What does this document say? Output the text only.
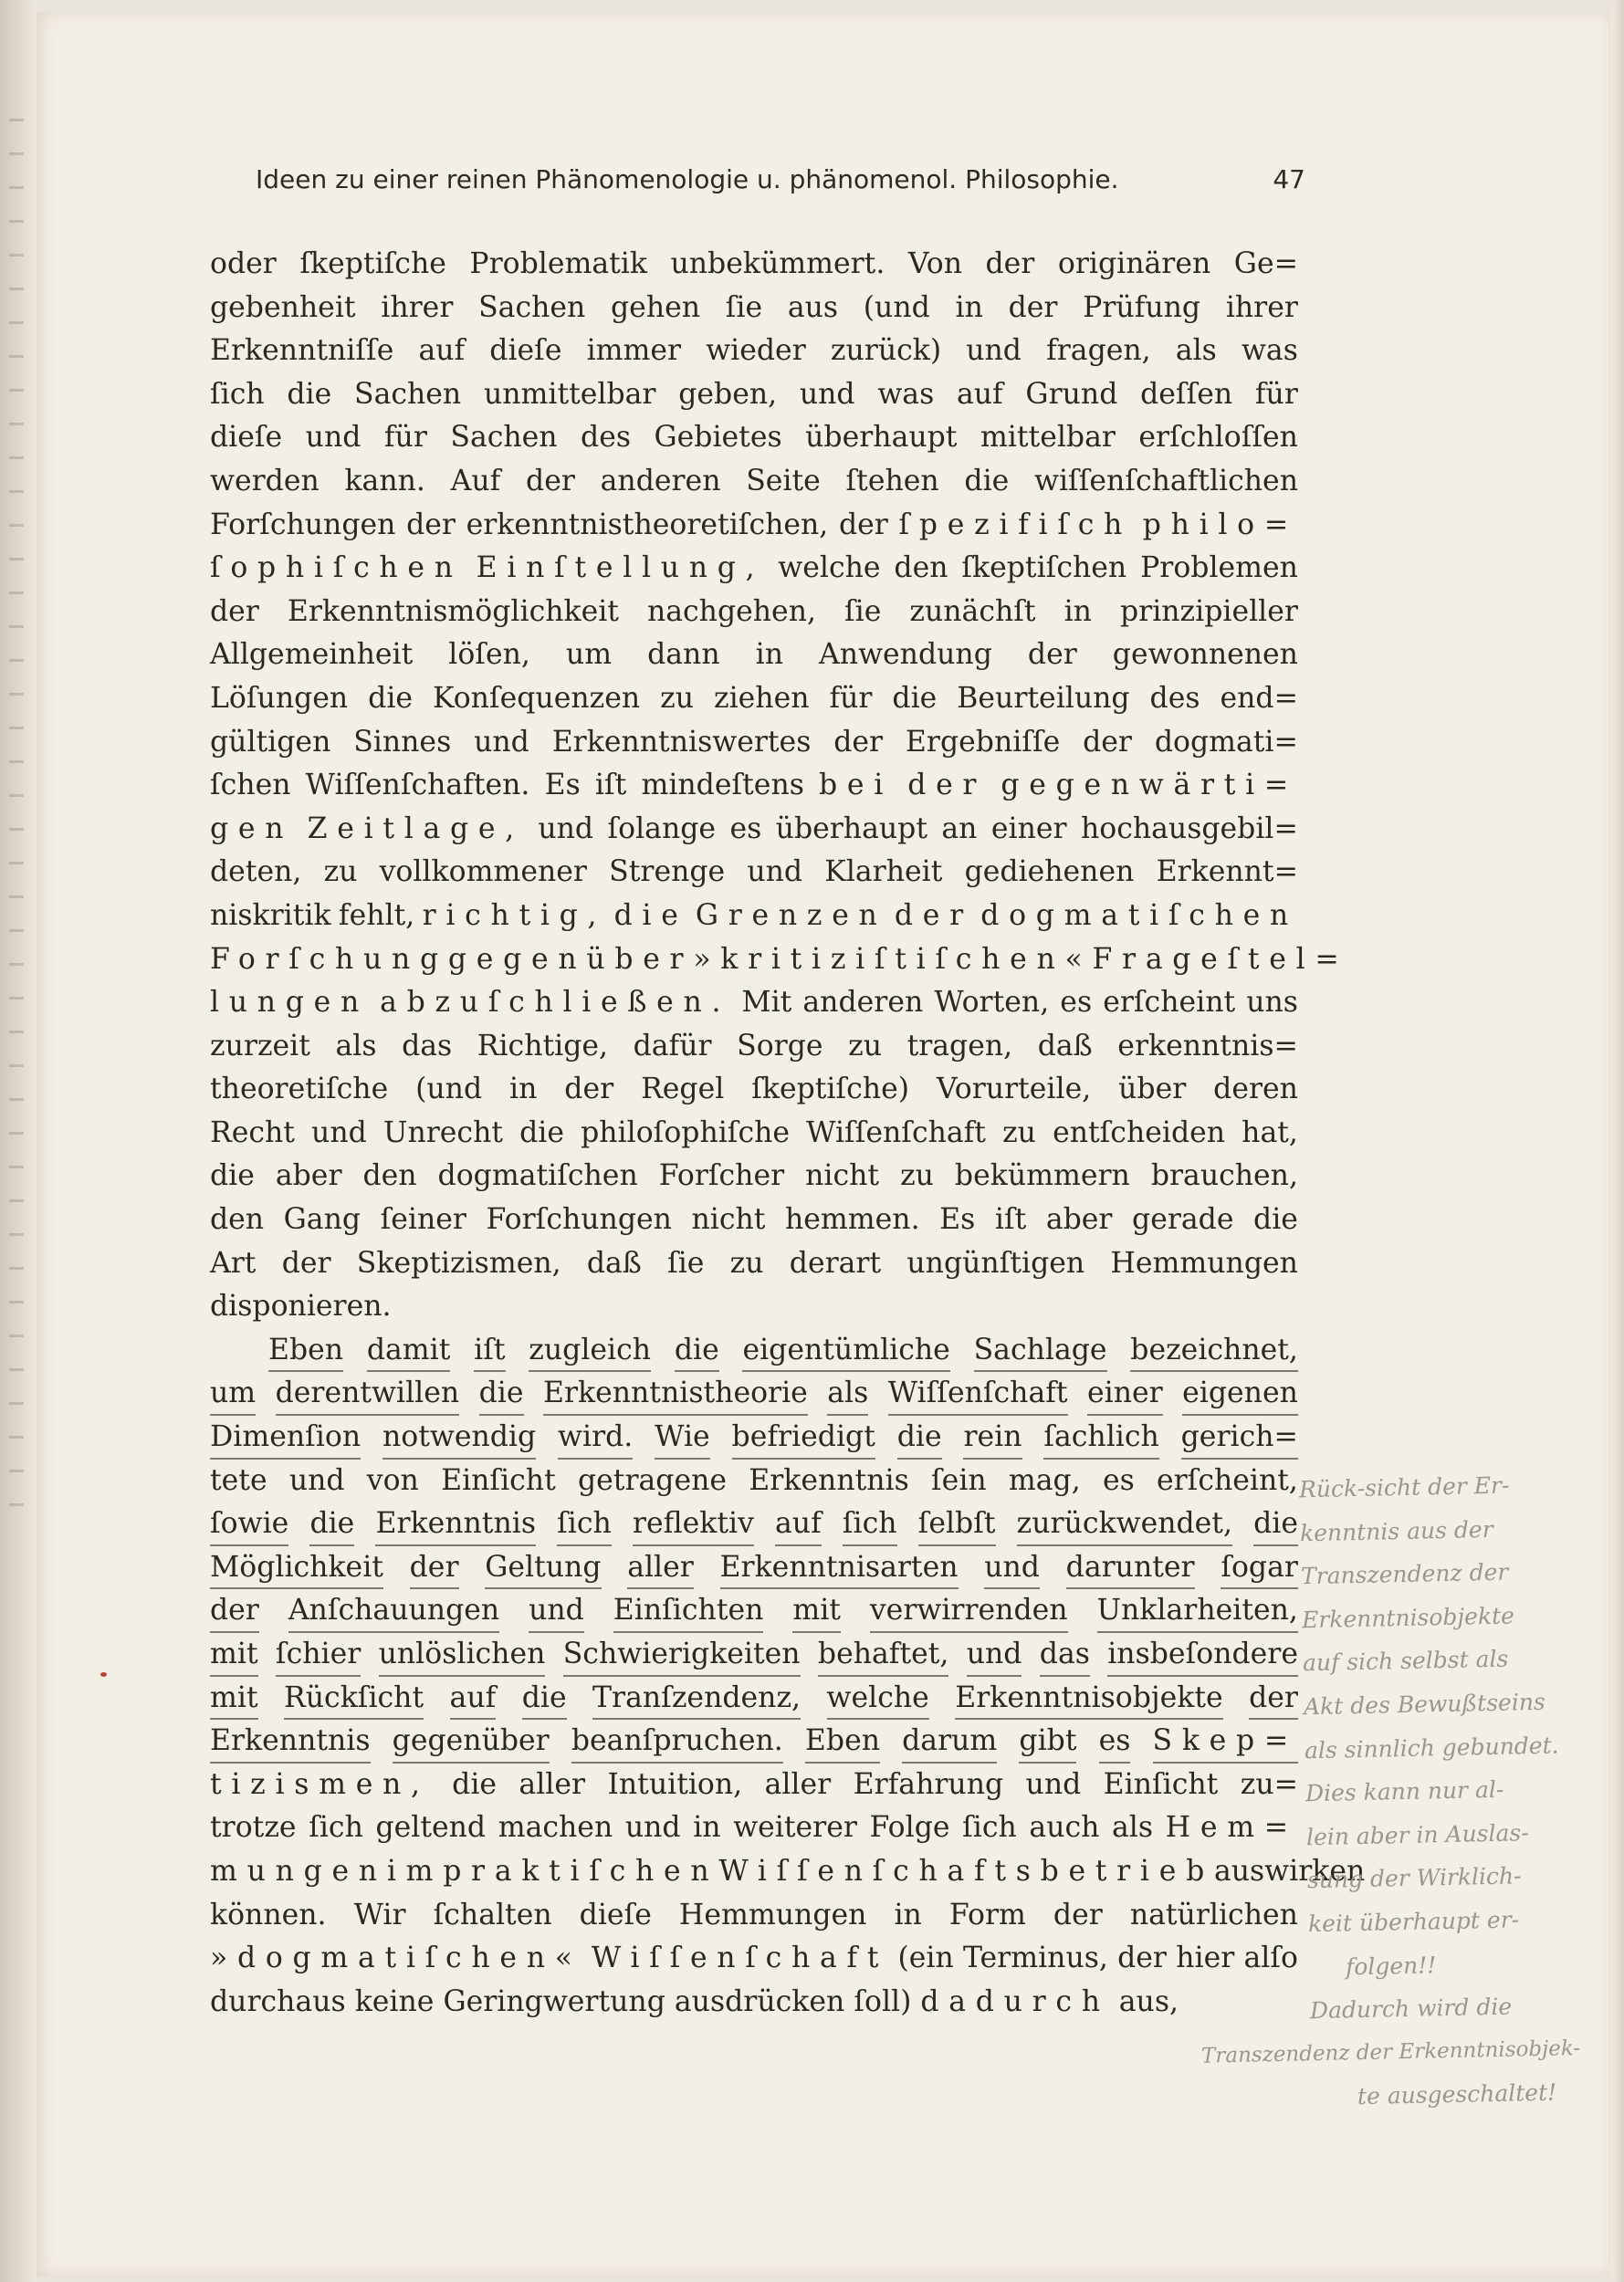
Ideen zu einer reinen Phänomenologie u. phänomenol. Philosophie.	47
oder ſkeptiſche Problematik unbekümmert. Von der originären Ge=
gebenheit ihrer Sachen gehen ſie aus (und in der Prüfung ihrer
Erkenntniſſe auf dieſe immer wieder zurück) und fragen, als was
ſich die Sachen unmittelbar geben, und was auf Grund deſſen für
dieſe und für Sachen des Gebietes überhaupt mittelbar erſchloſſen
werden kann. Auf der anderen Seite ſtehen die wiſſenſchaftlichen
Forſchungen der erkenntnistheoretiſchen, der ſpezifiſch philo=
ſophiſchen Einſtellung, welche den ſkeptiſchen Problemen
der Erkenntnismöglichkeit nachgehen, ſie zunächſt in prinzipieller
Allgemeinheit löſen, um dann in Anwendung der gewonnenen
Löſungen die Konſequenzen zu ziehen für die Beurteilung des end=
gültigen Sinnes und Erkenntniswertes der Ergebniſſe der dogmati=
ſchen Wiſſenſchaften. Es iſt mindeſtens bei der gegenwärti=
gen Zeitlage, und ſolange es überhaupt an einer hochausgebil=
deten, zu vollkommener Strenge und Klarheit gediehenen Erkennt=
niskritik fehlt, richtig, die Grenzen der dogmatiſchen
Forſchung gegenüber »kritiziſtiſchen« Frageſtel=
lungen abzuſchließen. Mit anderen Worten, es erſcheint uns
zurzeit als das Richtige, dafür Sorge zu tragen, daß erkenntnis=
theoretiſche (und in der Regel ſkeptiſche) Vorurteile, über deren
Recht und Unrecht die philoſophiſche Wiſſenſchaft zu entſcheiden hat,
die aber den dogmatiſchen Forſcher nicht zu bekümmern brauchen,
den Gang ſeiner Forſchungen nicht hemmen. Es iſt aber gerade die
Art der Skeptizismen, daß ſie zu derart ungünſtigen Hemmungen
disponieren.
Eben damit iſt zugleich die eigentümliche Sachlage bezeichnet,
um derentwillen die Erkenntnistheorie als Wiſſenſchaft einer eigenen
Dimenſion notwendig wird. Wie befriedigt die rein ſachlich gerich=
tete und von Einſicht getragene Erkenntnis ſein mag, es erſcheint,
ſowie die Erkenntnis ſich reflektiv auf ſich ſelbſt zurückwendet, die
Möglichkeit der Geltung aller Erkenntnisarten und darunter ſogar
der Anſchauungen und Einſichten mit verwirrenden Unklarheiten,
mit ſchier unlöslichen Schwierigkeiten behaftet, und das insbeſondere
mit Rückſicht auf die Tranſzendenz, welche Erkenntnisobjekte der
Erkenntnis gegenüber beanſpruchen. Eben darum gibt es Skep=
tizismen, die aller Intuition, aller Erfahrung und Einſicht zu=
trotze ſich geltend machen und in weiterer Folge ſich auch als Hem=
mungen im praktiſchen Wiſſenſchaftsbetrieb auswirken
können. Wir ſchalten dieſe Hemmungen in Form der natürlichen
»dogmatiſchen« Wiſſenſchaft (ein Terminus, der hier alſo
durchaus
keine
Geringwertung
ausdrücken
ſoll)
dadurch
aus,
Rück-sicht der Er-
kenntnis aus der
Transzendenz der
Erkenntnisobjekte
auf sich selbst als
Akt des Bewußtseins
als sinnlich gebundet.
Dies kann nur al-
lein aber in Auslas-
sung der Wirklich-
keit überhaupt er-
folgen!!
Dadurch wird die
Transzendenz der Erkenntnisobjek-
te ausgeschaltet!
